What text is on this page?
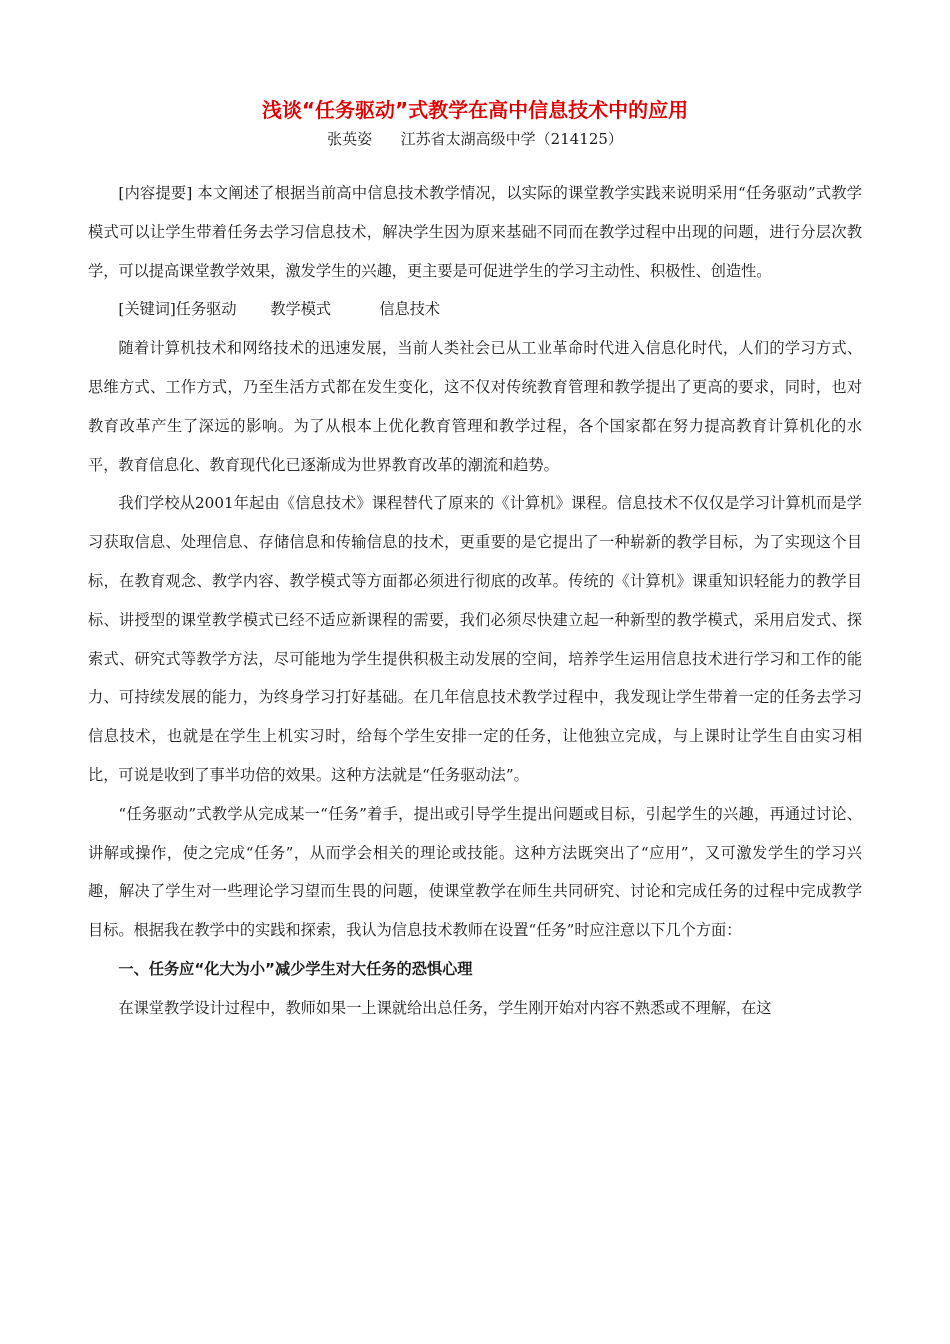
浅谈“任务驱动”式教学在高中信息技术中的应用
张英姿      江苏省太湖高级中学（214125）

[内容提要] 本文阐述了根据当前高中信息技术教学情况，以实际的课堂教学实践来说明采用“任务驱动”式教学模式可以让学生带着任务去学习信息技术，解决学生因为原来基础不同而在教学过程中出现的问题，进行分层次教学，可以提高课堂教学效果，激发学生的兴趣，更主要是可促进学生的学习主动性、积极性、创造性。

[关键词]任务驱动       教学模式          信息技术

随着计算机技术和网络技术的迅速发展，当前人类社会已从工业革命时代进入信息化时代，人们的学习方式、思维方式、工作方式，乃至生活方式都在发生变化，这不仅对传统教育管理和教学提出了更高的要求，同时，也对教育改革产生了深远的影响。为了从根本上优化教育管理和教学过程，各个国家都在努力提高教育计算机化的水平，教育信息化、教育现代化已逐渐成为世界教育改革的潮流和趋势。

我们学校从2001年起由《信息技术》课程替代了原来的《计算机》课程。信息技术不仅仅是学习计算机而是学习获取信息、处理信息、存储信息和传输信息的技术，更重要的是它提出了一种崭新的教学目标，为了实现这个目标，在教育观念、教学内容、教学模式等方面都必须进行彻底的改革。传统的《计算机》课重知识轻能力的教学目标、讲授型的课堂教学模式已经不适应新课程的需要，我们必须尽快建立起一种新型的教学模式，采用启发式、探索式、研究式等教学方法，尽可能地为学生提供积极主动发展的空间，培养学生运用信息技术进行学习和工作的能力、可持续发展的能力，为终身学习打好基础。在几年信息技术教学过程中，我发现让学生带着一定的任务去学习信息技术，也就是在学生上机实习时，给每个学生安排一定的任务，让他独立完成，与上课时让学生自由实习相比，可说是收到了事半功倍的效果。这种方法就是“任务驱动法”。

“任务驱动”式教学从完成某一“任务”着手，提出或引导学生提出问题或目标，引起学生的兴趣，再通过讨论、讲解或操作，使之完成“任务”，从而学会相关的理论或技能。这种方法既突出了“应用”，又可激发学生的学习兴趣，解决了学生对一些理论学习望而生畏的问题，使课堂教学在师生共同研究、讨论和完成任务的过程中完成教学目标。根据我在教学中的实践和探索，我认为信息技术教师在设置“任务”时应注意以下几个方面：

一、任务应“化大为小”减少学生对大任务的恐惧心理

在课堂教学设计过程中，教师如果一上课就给出总任务，学生刚开始对内容不熟悉或不理解，在这
